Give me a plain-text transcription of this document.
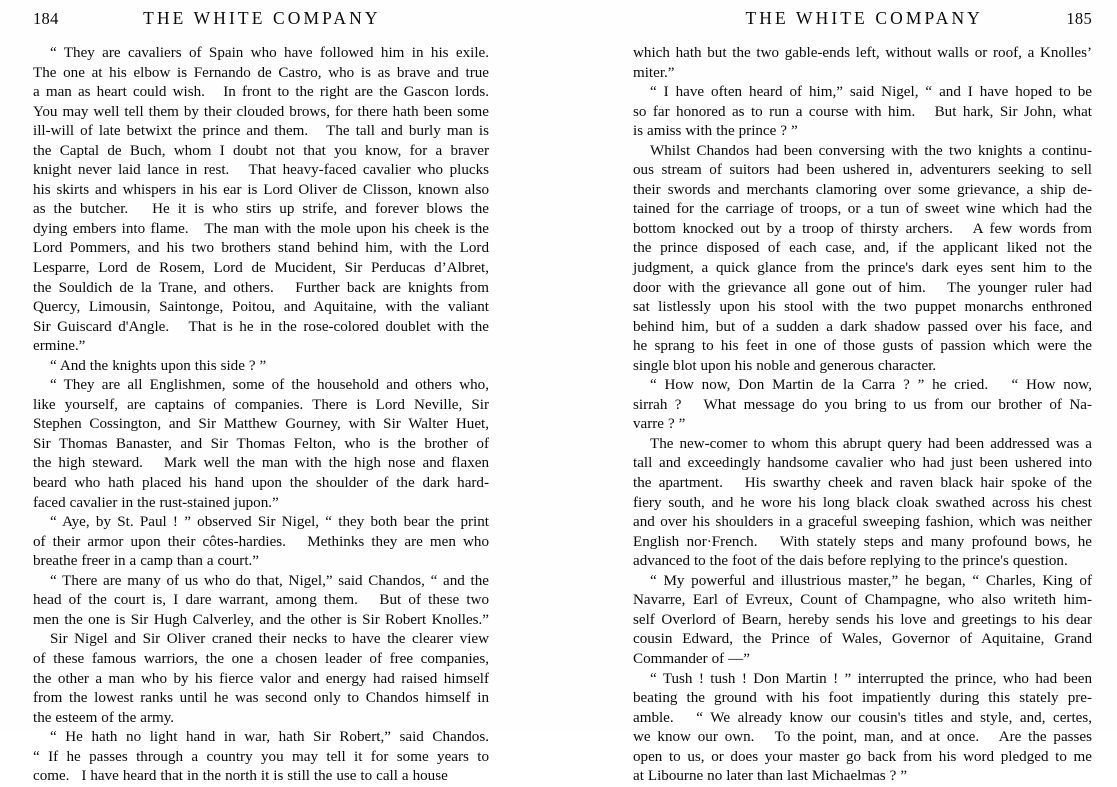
184	THE WHITE COMPANY
“ They are cavaliers of Spain who have followed him in his exile.
The one at his elbow is Fernando de Castro, who is as brave and true
a man as heart could wish.   In front to the right are the Gascon lords.
You may well tell them by their clouded brows, for there hath been some
ill-will of late betwixt the prince and them.   The tall and burly man is
the Captal de Buch, whom I doubt not that you know, for a braver
knight never laid lance in rest.   That heavy-faced cavalier who plucks
his skirts and whispers in his ear is Lord Oliver de Clisson, known also
as the butcher.   He it is who stirs up strife, and forever blows the
dying embers into flame.   The man with the mole upon his cheek is the
Lord Pommers, and his two brothers stand behind him, with the Lord
Lesparre, Lord de Rosem, Lord de Mucident, Sir Perducas d’Albret,
the Souldich de la Trane, and others.   Further back are knights from
Quercy, Limousin, Saintonge, Poitou, and Aquitaine, with the valiant
Sir Guiscard d'Angle.   That is he in the rose-colored doublet with the
ermine.”
“ And the knights upon this side ? ”
“ They are all Englishmen, some of the household and others who,
like yourself, are captains of companies. There is Lord Neville, Sir
Stephen Cossington, and Sir Matthew Gourney, with Sir Walter Huet,
Sir Thomas Banaster, and Sir Thomas Felton, who is the brother of
the high steward.   Mark well the man with the high nose and flaxen
beard who hath placed his hand upon the shoulder of the dark hard-
faced cavalier in the rust-stained jupon.”
“ Aye, by St. Paul ! ” observed Sir Nigel, “ they both bear the print
of their armor upon their côtes-hardies.   Methinks they are men who
breathe freer in a camp than a court.”
“ There are many of us who do that, Nigel,” said Chandos, “ and the
head of the court is, I dare warrant, among them.   But of these two
men the one is Sir Hugh Calverley, and the other is Sir Robert Knolles.”
Sir Nigel and Sir Oliver craned their necks to have the clearer view
of these famous warriors, the one a chosen leader of free companies,
the other a man who by his fierce valor and energy had raised himself
from the lowest ranks until he was second only to Chandos himself in
the esteem of the army.
“ He hath no light hand in war, hath Sir Robert,” said Chandos.
“ If he passes through a country you may tell it for some years to
come.   I have heard that in the north it is still the use to call a house
THE WHITE COMPANY	185
which hath but the two gable-ends left, without walls or roof, a Knolles’
miter.”
“ I have often heard of him,” said Nigel, “ and I have hoped to be
so far honored as to run a course with him.   But hark, Sir John, what
is amiss with the prince ? ”
Whilst Chandos had been conversing with the two knights a continu-
ous stream of suitors had been ushered in, adventurers seeking to sell
their swords and merchants clamoring over some grievance, a ship de-
tained for the carriage of troops, or a tun of sweet wine which had the
bottom knocked out by a troop of thirsty archers.   A few words from
the prince disposed of each case, and, if the applicant liked not the
judgment, a quick glance from the prince's dark eyes sent him to the
door with the grievance all gone out of him.   The younger ruler had
sat listlessly upon his stool with the two puppet monarchs enthroned
behind him, but of a sudden a dark shadow passed over his face, and
he sprang to his feet in one of those gusts of passion which were the
single blot upon his noble and generous character.
“ How now, Don Martin de la Carra ? ” he cried.   “ How now,
sirrah ?   What message do you bring to us from our brother of Na-
varre ? ”
The new-comer to whom this abrupt query had been addressed was a
tall and exceedingly handsome cavalier who had just been ushered into
the apartment.   His swarthy cheek and raven black hair spoke of the
fiery south, and he wore his long black cloak swathed across his chest
and over his shoulders in a graceful sweeping fashion, which was neither
English nor·French.   With stately steps and many profound bows, he
advanced to the foot of the dais before replying to the prince's question.
“ My powerful and illustrious master,” he began, “ Charles, King of
Navarre, Earl of Evreux, Count of Champagne, who also writeth him-
self Overlord of Bearn, hereby sends his love and greetings to his dear
cousin Edward, the Prince of Wales, Governor of Aquitaine, Grand
Commander of —”
“ Tush ! tush ! Don Martin ! ” interrupted the prince, who had been
beating the ground with his foot impatiently during this stately pre-
amble.   “ We already know our cousin's titles and style, and, certes,
we know our own.   To the point, man, and at once.   Are the passes
open to us, or does your master go back from his word pledged to me
at Libourne no later than last Michaelmas ? ”
